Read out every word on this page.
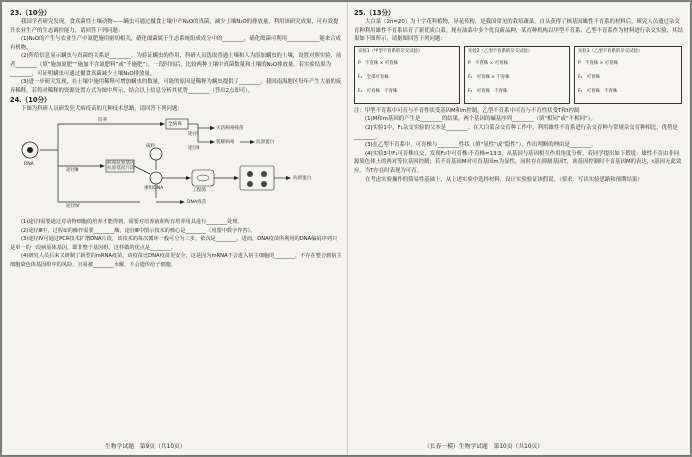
23.（10分）

我国学者研究发现，食真菌性土壤动物——螨虫可通过摄食土壤中产N₂O的真菌，减少土壤N₂O的排放量。利用该研究成果，可有效提升农业生产的生态调控能力，请回答下列问题：

(1)N₂O的产生与农业生产中氮肥施用密切相关，硝化细菌属于生态系统组成成分中的________，硝化细菌可利用____________能来合成有机物。

(2)所给信息显示螨虫与真菌的关系是________。为验证螨虫的作用，科研人员选取普通土壤和人为添加螨虫的土壤，设置对照实验，前者________（填“施加氮肥”“施加不含氮肥料”或“不施肥”），一段时间后，比较两种土壤中真菌数量和土壤的N₂O排放量。若实验结果为________，可证明螨虫可通过摄食真菌减少土壤N₂O排放量。

(3)进一步研究发现，在土壤中施用稀释可增加螨虫的数量，可能的原因是稀释为螨虫提供了________。我国南海地区每年产生大量的废弃稀释，若将对稀释的资源处置方式为图中所示，结合以上信息分析其优势________（答出2点即可）。

24.（10分）

下图为科研人员研发狂犬病疫苗的几种技术思路，请回答下列问题：

RNA
培养
全病毒
灭活病毒疫苗
途径Ⅰ
裂解病毒	抗原蛋白
途径Ⅱ
质粒
病毒抗原基因
抗原基因片段
途径Ⅲ
重组DNA	工程菌
抗原蛋白
途径Ⅳ
DNA疫苗

(1)途径Ⅰ需要通过对动物细胞的培养才能得到，需要对培养液和所有培养用具进行________处理。

(2)途径Ⅲ中，过程①的操作需要________酶，途径Ⅲ中图示技术的核心是________（用图中数字作答）。

(3)途径Ⅳ可通过PCR技术扩增DNA片段，该技术的每次循环一般可分为三步，依次是________。进而，DNA疫苗所利用的DNA编码序列只是单一的一段病原体基因，即非整个基因组，这样做的优点是________。

(4)研究人员后来又研制了新型的mRNA疫苗，该疫苗比DNA疫苗更安全，这是因为mRNA不会进入宿主细胞的________，不存在整合到宿主细胞染色体基因组中的风险，且易被________水解，不会遗传给子细胞。

生物学试题　第9页（共10页）
25.（13分）

大白菜（2n=20）为十字花科植物，异花传粉，是我国常见的栽培蔬菜。自从获得了核基因雄性不育系的材料后，研究人员通过杂交育种利用雄性不育系培育了新优质白菜。现有油菜中多个优良新品种，某育种机构以甲型不育系、乙型不育系作为材料进行杂交实验，其结果如下图所示，请据图回答下列问题：

实验1（甲型不育系的杂交试验）
P　不育株 × 可育株
F₁　全部可育株
F₂　可育株　不育株
实验2（乙型不育系的杂交试验）
P　不育株 × 可育株
F₁　可育株 × 不育株
F₂　可育株　不育株
实验3（乙型不育系的杂交试验）
P　不育株 × 可育株
F₁　可育株
F₂　可育株　不育株

注：甲型不育系中可育与不育性状受基因M和m控制，乙型不育系中可育与不育性状受T和t控制

(1)M和m基因的产生是________的结果，两个基因的碱基序列________（填“相同”或“不相同”）。

(2)实验1中，F₁杂交实验的父本是________。在大白菜杂交育种工作中，利用雄性不育系进行杂交育种与常规杂交育种相比，优势是________。

(3)在乙型不育系中，可育株与________性状（填“显性”或“隐性”），作出判断的理由是________。

(4)实验3中F₁可育株自交，发现F₂中可育株∶不育株=13∶3，从基因与基因相互作用角度分析，若同学提出如下假说：雄性不育由非同源染色体上的两对等位基因控制；若不育基因M对可育基因m为显性，同时存在抑制基因T，该基因控制时不育基因M的表达，t基因无此效应。当T存在时表现为可育。

在考虑实验操作的简易性基础上，从上述实验中选择材料，设计实验验证该假说。（要求：写出实验思路和预期结果）

（长春一模）生物学试题　第10页（共10页）
